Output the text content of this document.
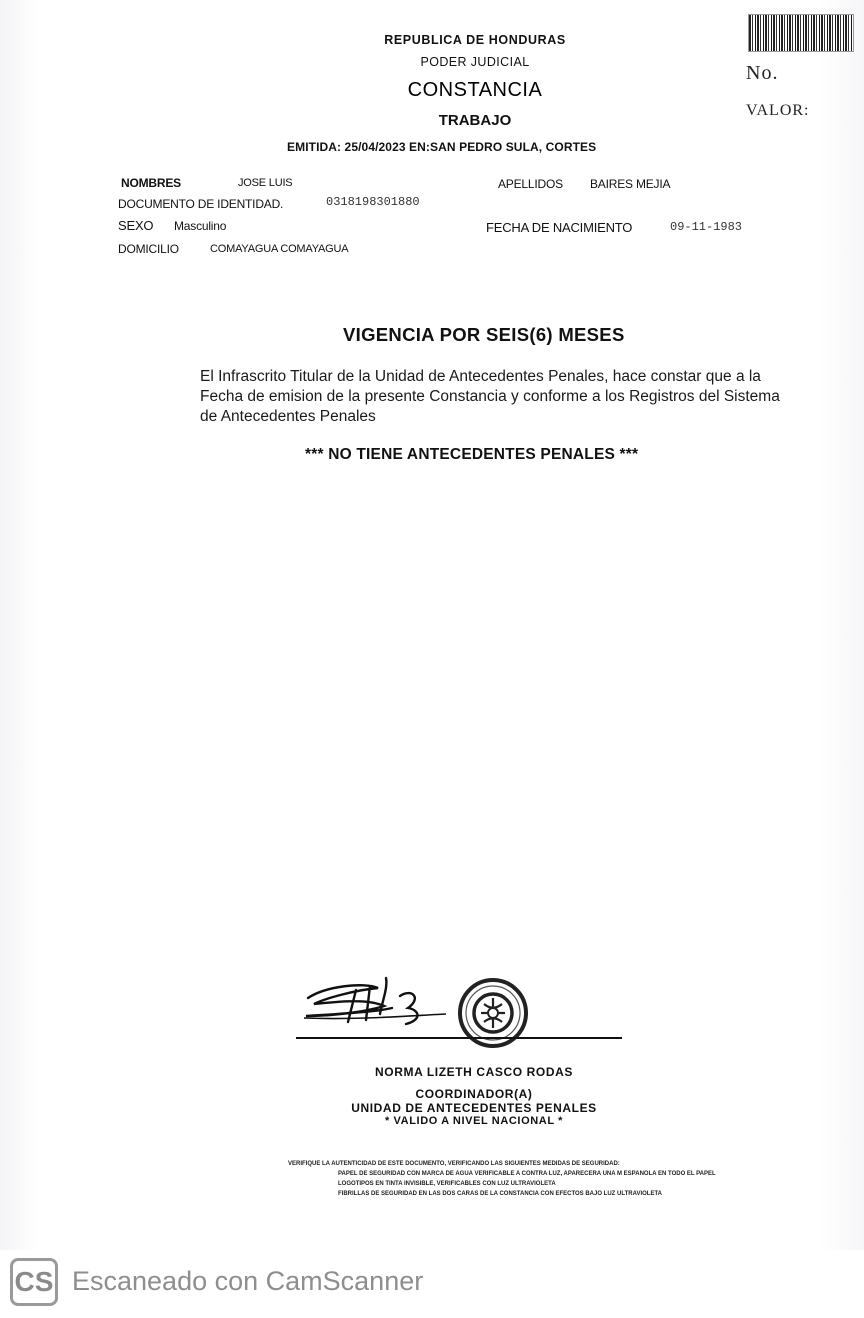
No.
VALOR:
REPUBLICA DE HONDURAS
PODER JUDICIAL
CONSTANCIA
TRABAJO
EMITIDA: 25/04/2023 EN:SAN PEDRO SULA, CORTES
NOMBRES	JOSE LUIS	APELLIDOS BAIRES MEJIA
DOCUMENTO DE IDENTIDAD.	0318198301880
SEXO Masculino	FECHA DE NACIMIENTO	09-11-1983
DOMICILIO	COMAYAGUA COMAYAGUA
VIGENCIA POR SEIS(6) MESES
El Infrascrito Titular de la Unidad de Antecedentes Penales, hace constar que a la Fecha de emision de la presente Constancia y conforme a los Registros del Sistema de Antecedentes Penales
*** NO TIENE ANTECEDENTES PENALES ***
NORMA LIZETH CASCO RODAS
COORDINADOR(A)
UNIDAD DE ANTECEDENTES PENALES
* VALIDO A NIVEL NACIONAL *
VERIFIQUE LA AUTENTICIDAD DE ESTE DOCUMENTO, VERIFICANDO LAS SIGUIENTES MEDIDAS DE SEGURIDAD:
PAPEL DE SEGURIDAD CON MARCA DE AGUA VERIFICABLE A CONTRA LUZ, APARECERA UNA M ESPANOLA EN TODO EL PAPEL
LOGOTIPOS EN TINTA INVISIBLE, VERIFICABLES CON LUZ ULTRAVIOLETA
FIBRILLAS DE SEGURIDAD EN LAS DOS CARAS DE LA CONSTANCIA CON EFECTOS BAJO LUZ ULTRAVIOLETA
CS Escaneado con CamScanner
